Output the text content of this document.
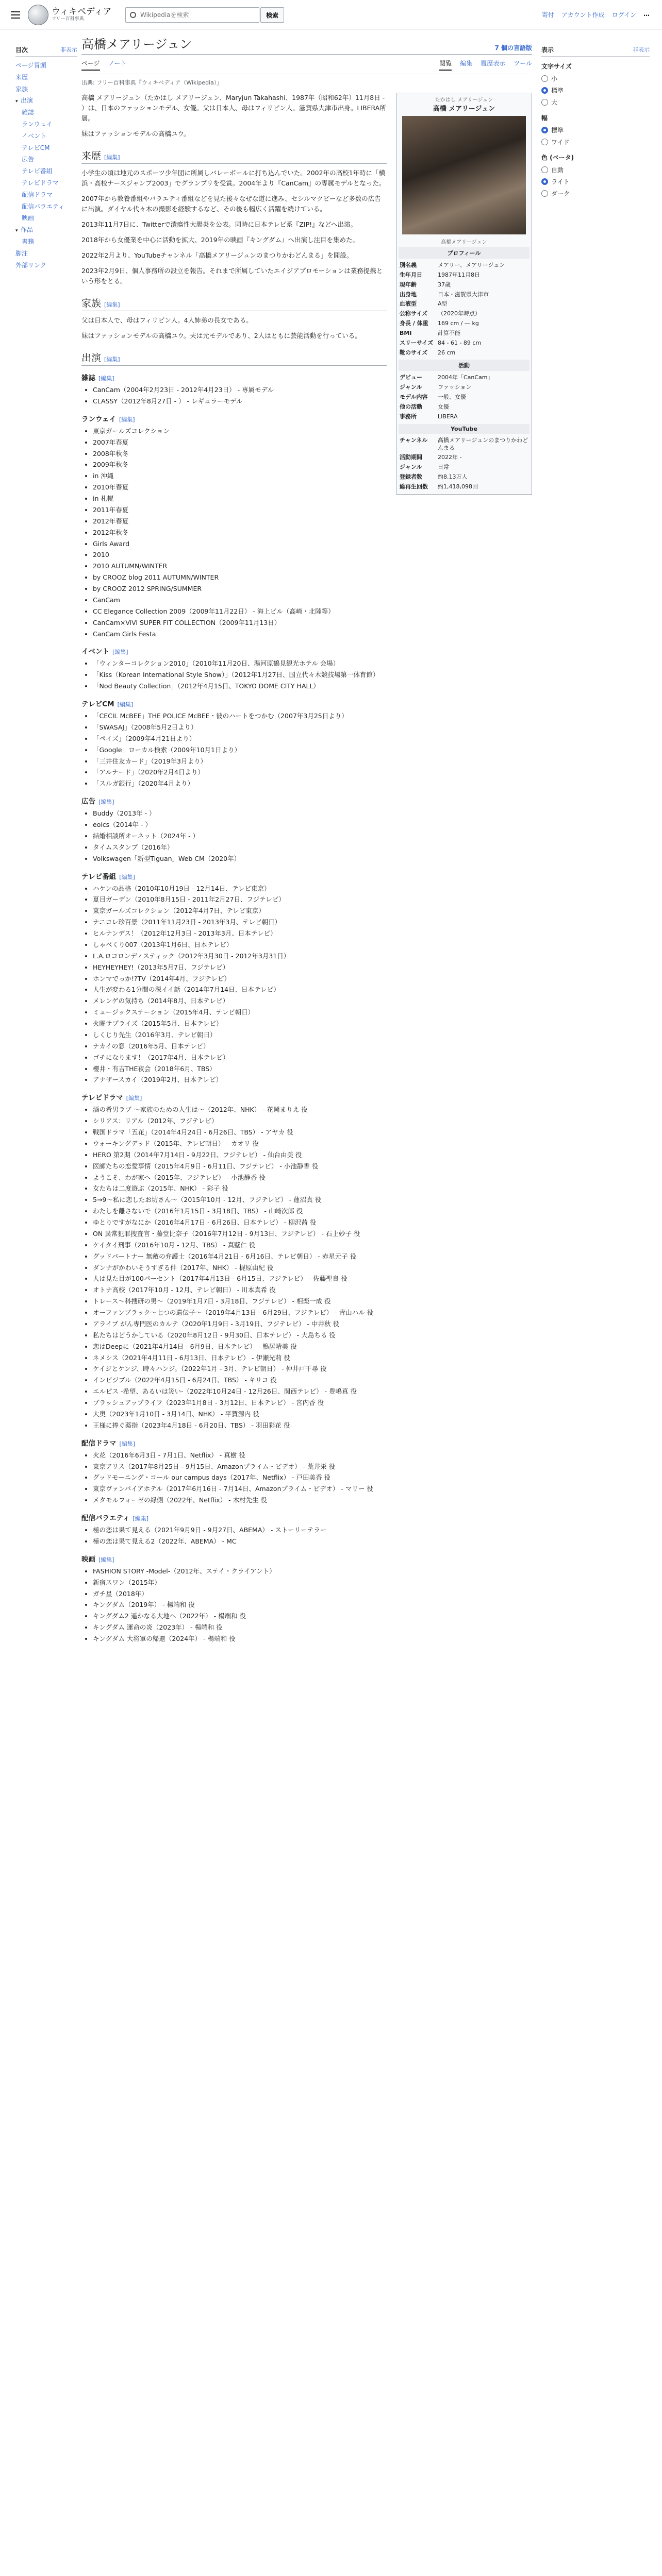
ウィキペディア
フリー百科事典
Wikipediaを検索
検索	寄付 アカウント作成 ログイン …
目次	非表示
ページ冒頭
来歴
家族
▾ 出演
雑誌
ランウェイ
イベント
テレビCM
広告
テレビ番組
テレビドラマ
配信ドラマ
配信バラエティ
映画
▾ 作品
書籍
脚注
外部リンク
高橋メアリージュン	7 個の言語版
ページ ノート	閲覧 編集 履歴表示 ツール
出典: フリー百科事典『ウィキペディア（Wikipedia）』

高橋 メアリージュン（たかはし メアリージュン、Maryjun Takahashi、1987年（昭和62年）11月8日 - ）は、日本のファッションモデル、女優。父は日本人、母はフィリピン人。滋賀県大津市出身。LIBERA所属。

妹はファッションモデルの高橋ユウ。

来歴 [編集]

小学生の頃は地元のスポーツ少年団に所属しバレーボールに打ち込んでいた。2002年の高校1年時に「横浜・高校ナースジャンプ2003」でグランプリを受賞。2004年より『CanCam』の専属モデルとなった。

2007年から教養番組やバラエティ番組などを見た後々なぜな道に進み、セシルマクビーなど多数の広告に出演。ダイヤル代々木の撮影を経験するなど、その後も幅広く活躍を続けている。

2013年11月7日に、Twitterで潰瘍性大腸炎を公表。同時に日本テレビ系『ZIP!』などへ出演。

2018年から女優業を中心に活動を拡大、2019年の映画『キングダム』へ出演し注目を集めた。

2022年2月より、YouTubeチャンネル「高橋メアリージュンのまつりかわどんまる」を開設。

2023年2月9日、個人事務所の設立を報告。それまで所属していたエイジアプロモーションは業務提携という形をとる。

家族 [編集]

父は日本人で、母はフィリピン人。4人姉弟の長女である。

妹はファッションモデルの高橋ユウ。夫は元モデルであり、2人はともに芸能活動を行っている。

出演 [編集]
雑誌 [編集]
• CanCam（2004年2月23日 - 2012年4月23日） - 専属モデル
• CLASSY（2012年8月27日 - ） - レギュラーモデル
ランウェイ [編集]
• 東京ガールズコレクション
• 2007年春夏
• 2008年秋冬
• 2009年秋冬
• in 沖縄
• 2010年春夏
• in 札幌
• 2011年春夏
• 2012年春夏
• 2012年秋冬
• Girls Award
• 2010
• 2010 AUTUMN/WINTER
• by CROOZ blog 2011 AUTUMN/WINTER
• by CROOZ 2012 SPRING/SUMMER
• CanCam
• CC Elegance Collection 2009（2009年11月22日） - 海上ビル（高崎・北陸等）
• CanCam×ViVi SUPER FIT COLLECTION（2009年11月13日）
• CanCam Girls Festa
イベント [編集]
• 「ウィンターコレクション2010」（2010年11月20日、湯河原鶴見観光ホテル 会場）
• 「Kiss（Korean International Style Show）」（2012年1月27日、国立代々木競技場第一体育館）
• 「Nod Beauty Collection」（2012年4月15日、TOKYO DOME CITY HALL）
テレビCM [編集]
• 「CECIL McBEE」THE POLICE McBEE・彼のハートをつかむ（2007年3月25日より）
• 「SWASAJ」（2008年5月2日より）
• 「ペイズ」（2009年4月21日より）
• 「Google」ローカル検索（2009年10月1日より）
• 「三井住友カード」（2019年3月より）
• 「アルナード」（2020年2月4日より）
• 「スルガ銀行」（2020年4月より）
広告 [編集]
• Buddy（2013年 - ）
• eoics（2014年 - ）
• 結婚相談所オーネット（2024年 - ）
• タイムスタンプ（2016年）
• Volkswagen「新型Tiguan」Web CM（2020年）
テレビ番組 [編集]
• ハケンの品格（2010年10月19日 - 12月14日、テレビ東京）
• 夏目ガーデン（2010年8月15日 - 2011年2月27日、フジテレビ）
• 東京ガールズコレクション（2012年4月7日、テレビ東京）
• ナニコレ珍百景（2011年11月23日 - 2013年3月、テレビ朝日）
• ヒルナンデス！（2012年12月3日 - 2013年3月、日本テレビ）
• しゃべくり007（2013年1月6日、日本テレビ）
• L.A.ロコロンディスティック（2012年3月30日 - 2012年3月31日）
• HEYHEYHEY!（2013年5月7日、フジテレビ）
• ホンマでっか!?TV（2014年4月、フジテレビ）
• 人生が変わる1分間の深イイ話（2014年7月14日、日本テレビ）
• メレンゲの気持ち（2014年8月、日本テレビ）
• ミュージックステーション（2015年4月、テレビ朝日）
• 火曜サプライズ（2015年5月、日本テレビ）
• しくじり先生（2016年3月、テレビ朝日）
• ナカイの窓（2016年5月、日本テレビ）
• ゴチになります！（2017年4月、日本テレビ）
• 櫻井・有吉THE夜会（2018年6月、TBS）
• アナザースカイ（2019年2月、日本テレビ）
テレビドラマ [編集]
• 酒の肴男ラブ ～家族のための人生は～（2012年、NHK） - 花岡まりえ 役
• シリアス：リアル（2012年、フジテレビ）
• 戦国ドラマ「五花」（2014年4月24日 - 6月26日、TBS） - アヤカ 役
• ウォーキングデッド（2015年、テレビ朝日） - カオリ 役
• HERO 第2期（2014年7月14日 - 9月22日、フジテレビ） - 仙台由美 役
• 医師たちの恋愛事情（2015年4月9日 - 6月11日、フジテレビ） - 小池静香 役
• ようこそ、わが家へ（2015年、フジテレビ） - 小池静香 役
• 女たちは二度遊ぶ（2015年、NHK） - 彩子 役
• 5→9〜私に恋したお坊さん〜（2015年10月 - 12月、フジテレビ） - 蓮沼真 役
• わたしを離さないで（2016年1月15日 - 3月18日、TBS） - 山崎次郎 役
• ゆとりですがなにか（2016年4月17日 - 6月26日、日本テレビ） - 柳沢茜 役
• ON 異常犯罪捜査官・藤堂比奈子（2016年7月12日 - 9月13日、フジテレビ） - 石上妙子 役
• ケイタイ刑事（2016年10月 - 12月、TBS） - 真壁仁 役
• グッドパートナー 無敵の弁護士（2016年4月21日 - 6月16日、テレビ朝日） - 赤星元子 役
• ダンナがかわいそうすぎる件（2017年、NHK） - 梶原由紀 役
• 人は見た目が100パーセント（2017年4月13日 - 6月15日、フジテレビ） - 佐藤聖良 役
• オトナ高校（2017年10月 - 12月、テレビ朝日） - 川本真希 役
• トレース〜科捜研の男〜（2019年1月7日 - 3月18日、フジテレビ） - 相楽一成 役
• オーファンブラック〜七つの遺伝子〜（2019年4月13日 - 6月29日、フジテレビ） - 青山ハル 役
• アライブ がん専門医のカルテ（2020年1月9日 - 3月19日、フジテレビ） - 中井秋 役
• 私たちはどうかしている（2020年8月12日 - 9月30日、日本テレビ） - 大島ちる 役
• 恋はDeepに（2021年4月14日 - 6月9日、日本テレビ） - 鴨居晴美 役
• ネメシス（2021年4月11日 - 6月13日、日本テレビ） - 伊瀬光莉 役
• ケイジとケンジ、時々ハンジ。（2022年1月 - 3月、テレビ朝日） - 仲井戸千尋 役
• インビジブル（2022年4月15日 - 6月24日、TBS） - キリコ 役
• エルピス -希望、あるいは災い-（2022年10月24日 - 12月26日、関西テレビ） - 豊嶋真 役
• ブラッシュアップライフ（2023年1月8日 - 3月12日、日本テレビ） - 宮内香 役
• 大奥（2023年1月10日 - 3月14日、NHK） - 平賀源内 役
• 王様に捧ぐ薬指（2023年4月18日 - 6月20日、TBS） - 羽田彩花 役
配信ドラマ [編集]
• 火花（2016年6月3日 - 7月1日、Netflix） - 真樹 役
• 東京アリス（2017年8月25日 - 9月15日、Amazonプライム・ビデオ） - 荒井栄 役
• グッドモーニング・コール our campus days（2017年、Netflix） - 戸田美香 役
• 東京ヴァンパイアホテル（2017年6月16日 - 7月14日、Amazonプライム・ビデオ） - マリー 役
• メタモルフォーゼの縁側（2022年、Netflix） - 木村先生 役
配信バラエティ [編集]
• 極の恋は果て見える（2021年9月9日 - 9月27日、ABEMA） - ストーリーテラー
• 極の恋は果て見える2（2022年、ABEMA） - MC
映画 [編集]
• FASHION STORY -Model-（2012年、ステイ・クライアント）
• 新宿スワン（2015年）
• ガチ星（2018年）
• キングダム（2019年） - 楊端和 役
• キングダム2 遥かなる大地へ（2022年） - 楊端和 役
• キングダム 運命の炎（2023年） - 楊端和 役
• キングダム 大将軍の帰還（2024年） - 楊端和 役
たかはし メアリージュン
高橋 メアリージュン
高橋メアリージュン
プロフィール
別名義	メアリー、メアリージュン
生年月日	1987年11月8日
現年齢	37歳
出身地	日本・滋賀県大津市
血液型	A型
公称サイズ	（2020年時点）
身長 / 体重	169 cm / ― kg
BMI	計算不能
スリーサイズ 84 - 61 - 89 cm
靴のサイズ	26 cm
活動
デビュー	2004年「CanCam」
ジャンル	ファッション
モデル内容	一般、女優
他の活動	女優
事務所	LIBERA
YouTube
チャンネル	高橋メアリージュンのまつりかわどんまる
活動期間	2022年 -
ジャンル	日常
登録者数	約8.13万人
総再生回数	約1,418,098回
表示	非表示
文字サイズ
小
標準
大
幅
標準
ワイド
色 (ベータ)
自動
ライト
ダーク
